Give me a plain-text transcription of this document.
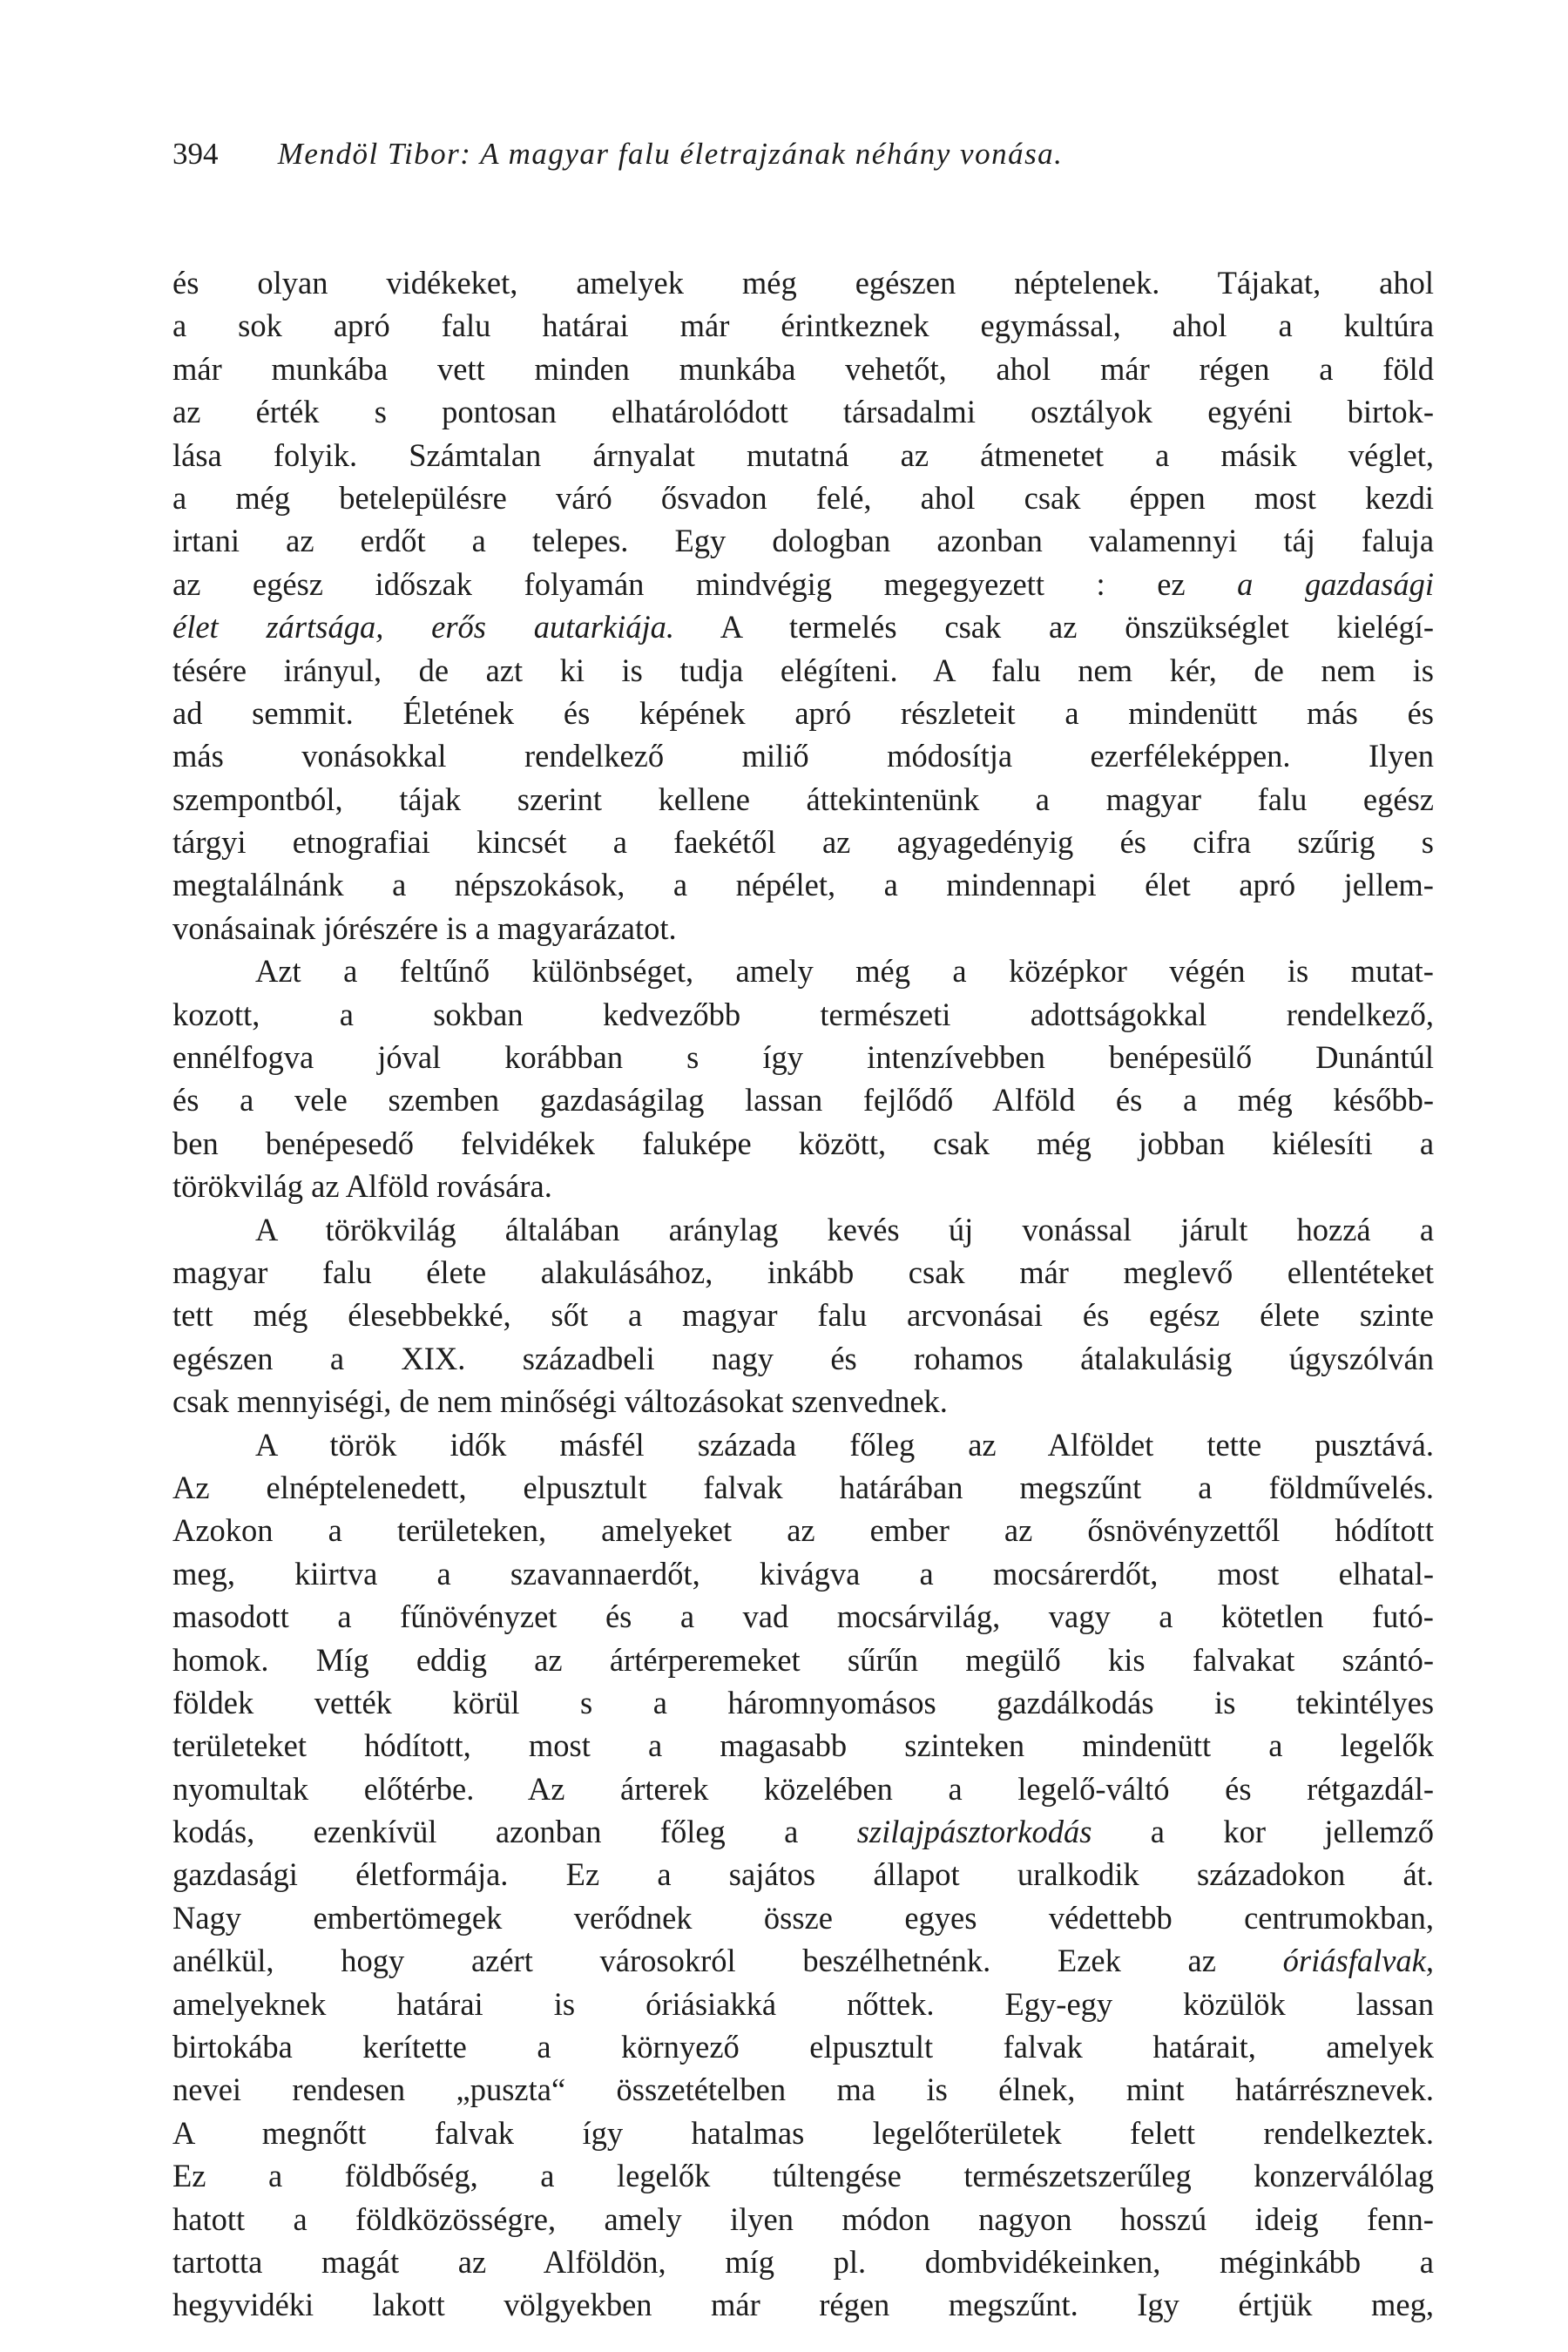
394 Mendöl Tibor: A magyar falu életrajzának néhány vonása.
és olyan vidékeket, amelyek még egészen néptelenek. Tájakat, ahol
a sok apró falu határai már érintkeznek egymással, ahol a kultúra
már munkába vett minden munkába vehetőt, ahol már régen a föld
az érték s pontosan elhatárolódott társadalmi osztályok egyéni birtok-
lása folyik. Számtalan árnyalat mutatná az átmenetet a másik véglet,
a még betelepülésre váró ősvadon felé, ahol csak éppen most kezdi
irtani az erdőt a telepes. Egy dologban azonban valamennyi táj faluja
az egész időszak folyamán mindvégig megegyezett : ez a gazdasági
élet zártsága, erős autarkiája. A termelés csak az önszükséglet kielégí-
tésére irányul, de azt ki is tudja elégíteni. A falu nem kér, de nem is
ad semmit. Életének és képének apró részleteit a mindenütt más és
más vonásokkal rendelkező miliő módosítja ezerféleképpen. Ilyen
szempontból, tájak szerint kellene áttekintenünk a magyar falu egész
tárgyi etnografiai kincsét a faekétől az agyagedényig és cifra szűrig s
megtalálnánk a népszokások, a népélet, a mindennapi élet apró jellem-
vonásainak jórészére is a magyarázatot.
Azt a feltűnő különbséget, amely még a középkor végén is mutat-
kozott, a sokban kedvezőbb természeti adottságokkal rendelkező,
ennélfogva jóval korábban s így intenzívebben benépesülő Dunántúl
és a vele szemben gazdaságilag lassan fejlődő Alföld és a még később-
ben benépesedő felvidékek faluképe között, csak még jobban kiélesíti a
törökvilág az Alföld rovására.
A törökvilág általában aránylag kevés új vonással járult hozzá a
magyar falu élete alakulásához, inkább csak már meglevő ellentéteket
tett még élesebbekké, sőt a magyar falu arcvonásai és egész élete szinte
egészen a XIX. századbeli nagy és rohamos átalakulásig úgyszólván
csak mennyiségi, de nem minőségi változásokat szenvednek.
A török idők másfél százada főleg az Alföldet tette pusztává.
Az elnéptelenedett, elpusztult falvak határában megszűnt a földművelés.
Azokon a területeken, amelyeket az ember az ősnövényzettől hódított
meg, kiirtva a szavannaerdőt, kivágva a mocsárerdőt, most elhatal-
masodott a fűnövényzet és a vad mocsárvilág, vagy a kötetlen futó-
homok. Míg eddig az ártérperemeket sűrűn megülő kis falvakat szántó-
földek vették körül s a háromnyomásos gazdálkodás is tekintélyes
területeket hódított, most a magasabb szinteken mindenütt a legelők
nyomultak előtérbe. Az árterek közelében a legelő-váltó és rétgazdál-
kodás, ezenkívül azonban főleg a szilajpásztorkodás a kor jellemző
gazdasági életformája. Ez a sajátos állapot uralkodik századokon át.
Nagy embertömegek verődnek össze egyes védettebb centrumokban,
anélkül, hogy azért városokról beszélhetnénk. Ezek az óriásfalvak,
amelyeknek határai is óriásiakká nőttek. Egy-egy közülök lassan
birtokába kerítette a környező elpusztult falvak határait, amelyek
nevei rendesen „puszta“ összetételben ma is élnek, mint határrésznevek.
A megnőtt falvak így hatalmas legelőterületek felett rendelkeztek.
Ez a földbőség, a legelők túltengése természetszerűleg konzerválólag
hatott a földközösségre, amely ilyen módon nagyon hosszú ideig fenn-
tartotta magát az Alföldön, míg pl. dombvidékeinken, méginkább a
hegyvidéki lakott völgyekben már régen megszűnt. Igy értjük meg,
